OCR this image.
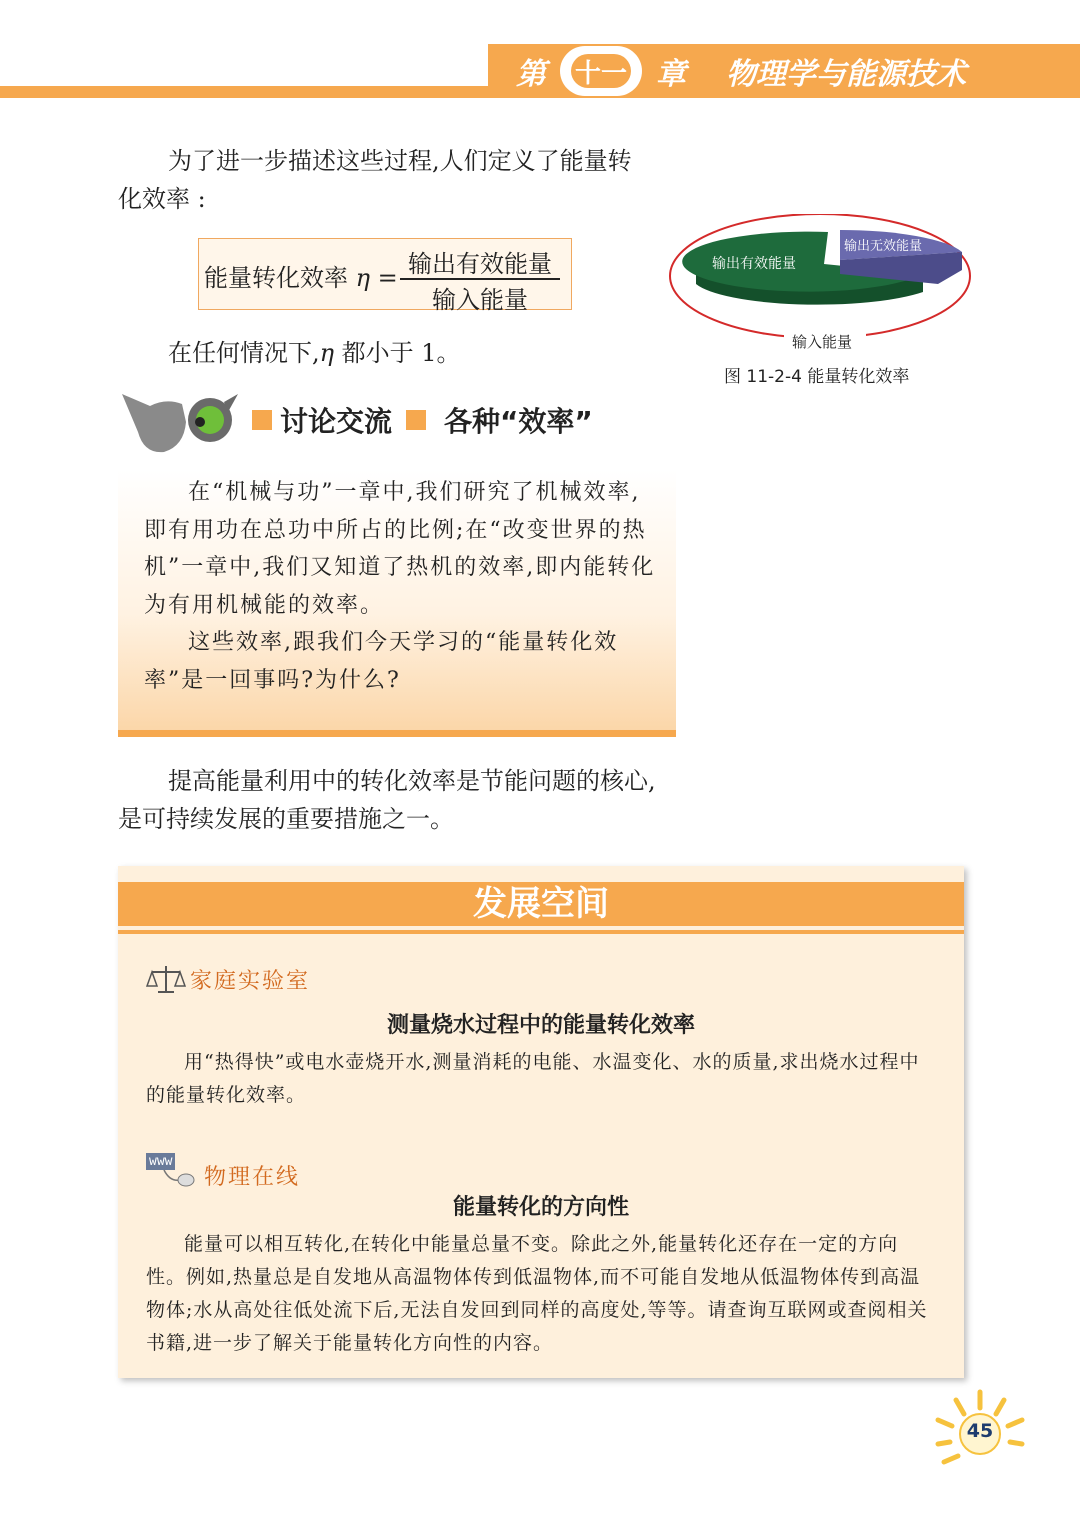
第 十一 章 物理学与能源技术
为了进一步描述这些过程,人们定义了能量转
化效率 :
能量转化效率 η = 输出有效能量
输入能量
在任何情况下,η 都小于 1。
输出有效能量
输出无效能量
输入能量
图 11-2-4 能量转化效率
讨论交流 各种“效率”

在“机械与功”一章中,我们研究了机械效率,即有用功在总功中所占的比例;在“改变世界的热机”一章中,我们又知道了热机的效率,即内能转化为有用机械能的效率。

这些效率,跟我们今天学习的“能量转化效率”是一回事吗?为什么?

提高能量利用中的转化效率是节能问题的核心,
是可持续发展的重要措施之一。
发展空间
家庭实验室
测量烧水过程中的能量转化效率

用“热得快”或电水壶烧开水,测量消耗的电能、水温变化、水的质量,求出烧水过程中的能量转化效率。

www
物理在线
能量转化的方向性

能量可以相互转化,在转化中能量总量不变。除此之外,能量转化还存在一定的方向性。例如,热量总是自发地从高温物体传到低温物体,而不可能自发地从低温物体传到高温物体;水从高处往低处流下后,无法自发回到同样的高度处,等等。请查询互联网或查阅相关书籍,进一步了解关于能量转化方向性的内容。

45
